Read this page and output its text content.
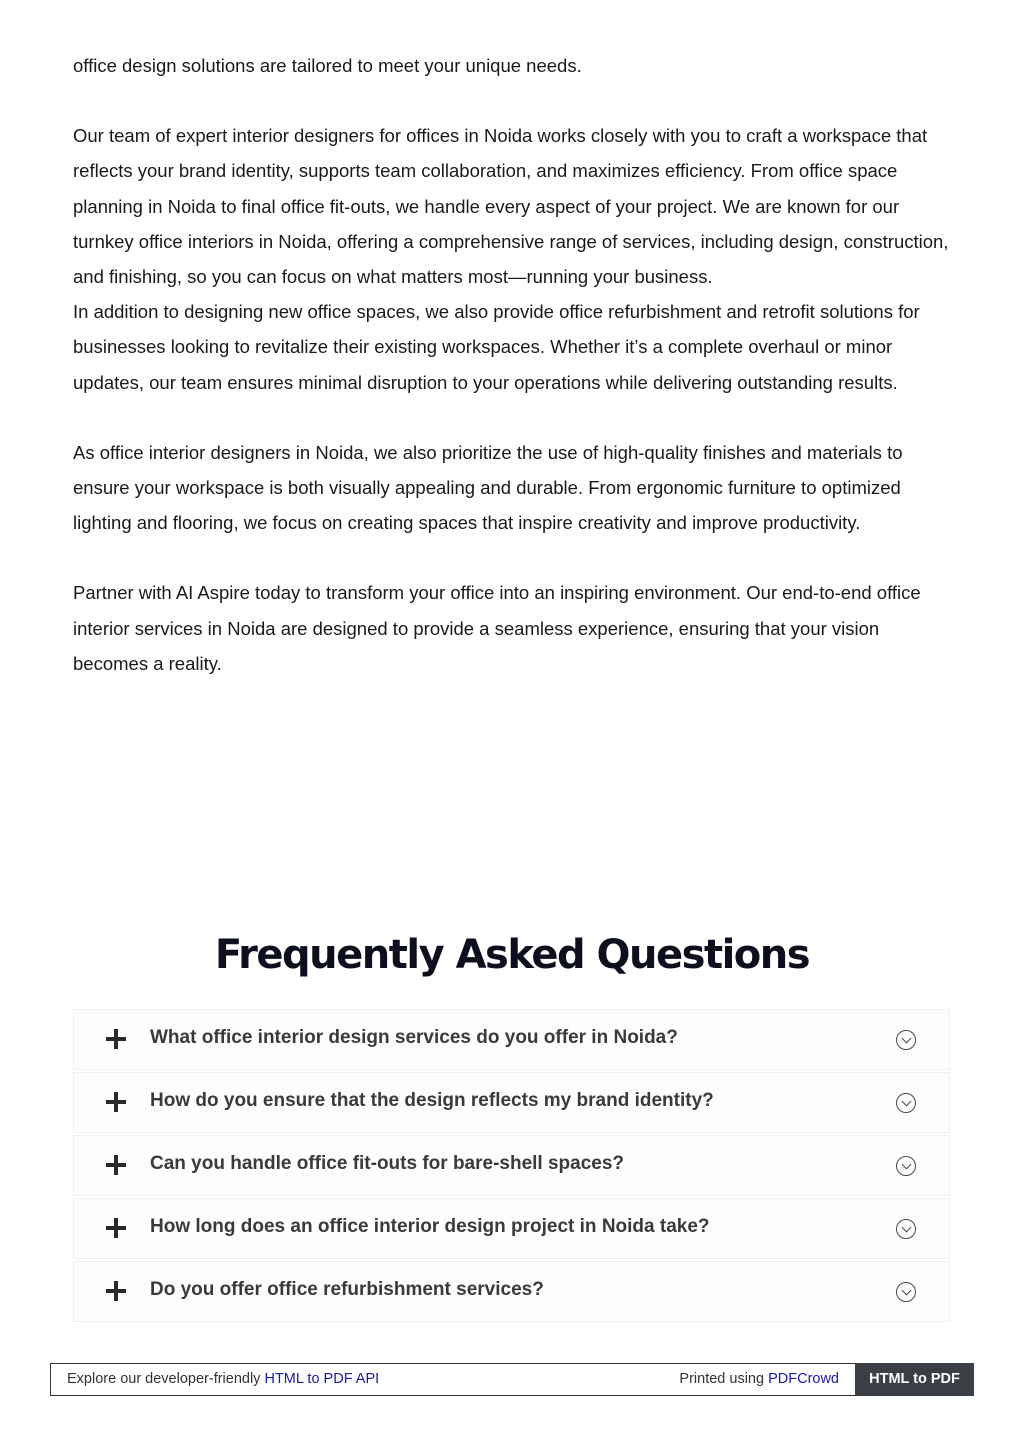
office design solutions are tailored to meet your unique needs.

Our team of expert interior designers for offices in Noida works closely with you to craft a workspace that reflects your brand identity, supports team collaboration, and maximizes efficiency. From office space planning in Noida to final office fit-outs, we handle every aspect of your project. We are known for our turnkey office interiors in Noida, offering a comprehensive range of services, including design, construction, and finishing, so you can focus on what matters most—running your business.

In addition to designing new office spaces, we also provide office refurbishment and retrofit solutions for businesses looking to revitalize their existing workspaces. Whether it’s a complete overhaul or minor updates, our team ensures minimal disruption to your operations while delivering outstanding results.

As office interior designers in Noida, we also prioritize the use of high-quality finishes and materials to ensure your workspace is both visually appealing and durable. From ergonomic furniture to optimized lighting and flooring, we focus on creating spaces that inspire creativity and improve productivity.

Partner with AI Aspire today to transform your office into an inspiring environment. Our end-to-end office interior services in Noida are designed to provide a seamless experience, ensuring that your vision becomes a reality.

Frequently Asked Questions
What office interior design services do you offer in Noida?
How do you ensure that the design reflects my brand identity?
Can you handle office fit-outs for bare-shell spaces?
How long does an office interior design project in Noida take?
Do you offer office refurbishment services?
Explore our developer-friendly HTML to PDF API	Printed using PDFCrowd	HTML to PDF
